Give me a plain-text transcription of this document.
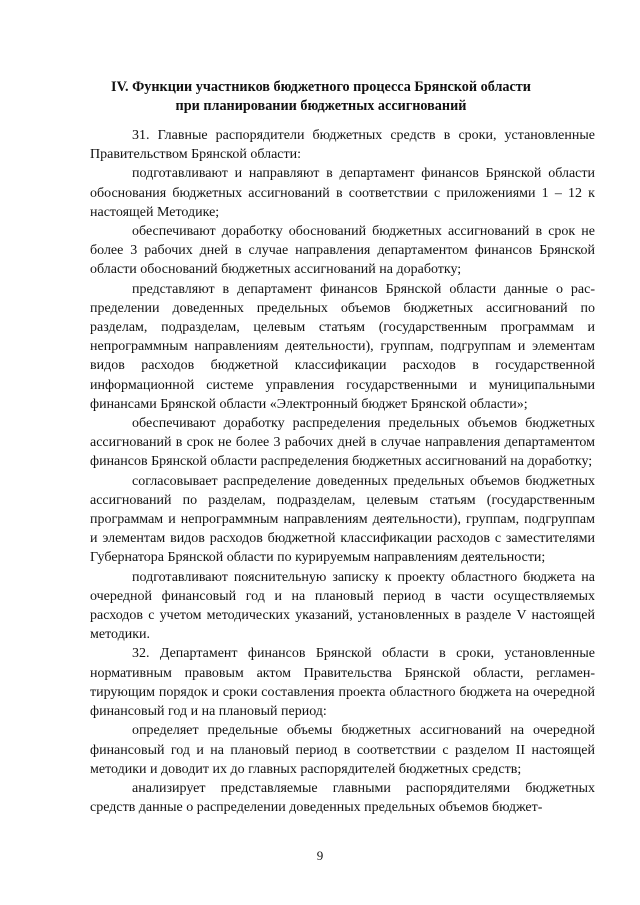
IV. Функции участников бюджетного процесса Брянской области
при планировании бюджетных ассигнований

31. Главные распорядители бюджетных средств в сроки, установленные Правительством Брянской области:

подготавливают и направляют в департамент финансов Брянской области обоснования бюджетных ассигнований в соответствии с приложениями 1 – 12 к настоящей Методике;

обеспечивают доработку обоснований бюджетных ассигнований в срок не более 3 рабочих дней в случае направления департаментом финансов Брянской области обоснований бюджетных ассигнований на доработку;

представляют в департамент финансов Брянской области данные о распределении доведенных предельных объемов бюджетных ассигнований по разделам, подразделам, целевым статьям (государственным программам и непрограммным направлениям деятельности), группам, подгруппам и элементам видов расходов бюджетной классификации расходов в государственной информационной системе управления государственными и муниципальными финансами Брянской области «Электронный бюджет Брянской области»;

обеспечивают доработку распределения предельных объемов бюджетных ассигнований в срок не более 3 рабочих дней в случае направления департаментом финансов Брянской области распределения бюджетных ассигнований на доработку;

согласовывает распределение доведенных предельных объемов бюджетных ассигнований по разделам, подразделам, целевым статьям (государственным программам и непрограммным направлениям деятельности), группам, подгруппам и элементам видов расходов бюджетной классификации расходов с заместителями Губернатора Брянской области по курируемым направлениям деятельности;

подготавливают пояснительную записку к проекту областного бюджета на очередной финансовый год и на плановый период в части осуществляемых расходов с учетом методических указаний, установленных в разделе V настоящей методики.

32. Департамент финансов Брянской области в сроки, установленные нормативным правовым актом Правительства Брянской области, регламентирующим порядок и сроки составления проекта областного бюджета на очередной финансовый год и на плановый период:

определяет предельные объемы бюджетных ассигнований на очередной финансовый год и на плановый период в соответствии с разделом II настоящей методики и доводит их до главных распорядителей бюджетных средств;

анализирует представляемые главными распорядителями бюджетных средств данные о распределении доведенных предельных объемов бюджет-

9
